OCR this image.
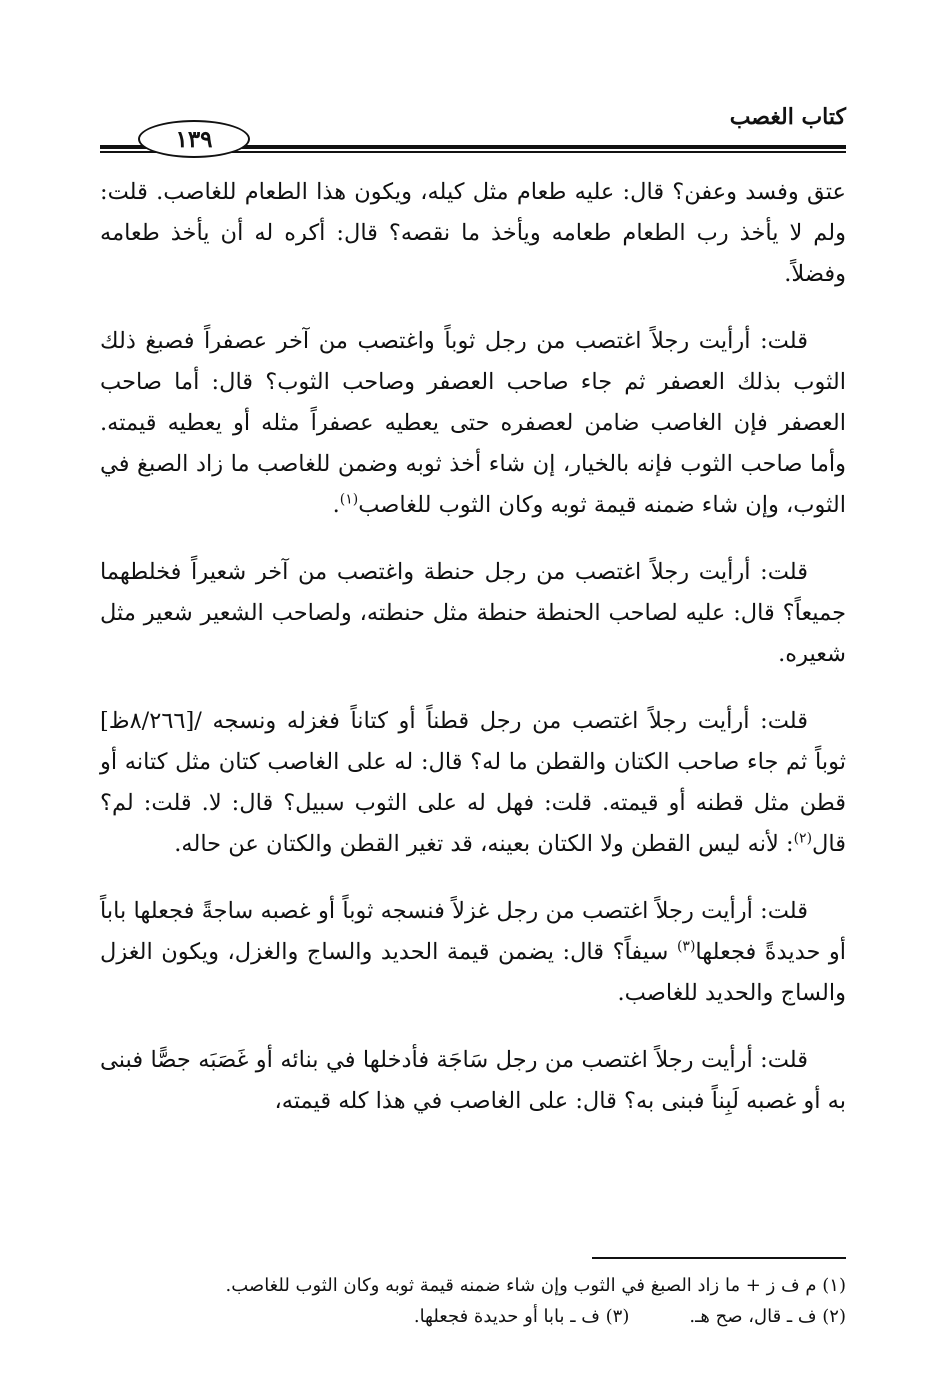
كتاب الغصب
١٣٩

عتق وفسد وعفن؟ قال: عليه طعام مثل كيله، ويكون هذا الطعام للغاصب. قلت: ولم لا يأخذ رب الطعام طعامه ويأخذ ما نقصه؟ قال: أكره له أن يأخذ طعامه وفضلاً.

قلت: أرأيت رجلاً اغتصب من رجل ثوباً واغتصب من آخر عصفراً فصبغ ذلك الثوب بذلك العصفر ثم جاء صاحب العصفر وصاحب الثوب؟ قال: أما صاحب العصفر فإن الغاصب ضامن لعصفره حتى يعطيه عصفراً مثله أو يعطيه قيمته. وأما صاحب الثوب فإنه بالخيار، إن شاء أخذ ثوبه وضمن للغاصب ما زاد الصبغ في الثوب، وإن شاء ضمنه قيمة ثوبه وكان الثوب للغاصب$^{(١)}$.

قلت: أرأيت رجلاً اغتصب من رجل حنطة واغتصب من آخر شعيراً فخلطهما جميعاً؟ قال: عليه لصاحب الحنطة حنطة مثل حنطته، ولصاحب الشعير شعير مثل شعيره.

قلت: أرأيت رجلاً اغتصب من رجل قطناً أو كتاناً فغزله ونسجه /[٨/٢٦٦ظ] ثوباً ثم جاء صاحب الكتان والقطن ما له؟ قال: له على الغاصب كتان مثل كتانه أو قطن مثل قطنه أو قيمته. قلت: فهل له على الثوب سبيل؟ قال: لا. قلت: لم؟ قال$^{(٢)}$: لأنه ليس القطن ولا الكتان بعينه، قد تغير القطن والكتان عن حاله.

قلت: أرأيت رجلاً اغتصب من رجل غزلاً فنسجه ثوباً أو غصبه ساجةً فجعلها باباً أو حديدةً فجعلها$^{(٣)}$ سيفاً؟ قال: يضمن قيمة الحديد والساج والغزل، ويكون الغزل والساج والحديد للغاصب.

قلت: أرأيت رجلاً اغتصب من رجل سَاجَة فأدخلها في بنائه أو غَصَبَه جصًّا فبنى به أو غصبه لَبِناً فبنى به؟ قال: على الغاصب في هذا كله قيمته،

(١) م ف ز + ما زاد الصبغ في الثوب وإن شاء ضمنه قيمة ثوبه وكان الثوب للغاصب.

(٢) ف ـ قال، صح هـ.(٣) ف ـ بابا أو حديدة فجعلها.
